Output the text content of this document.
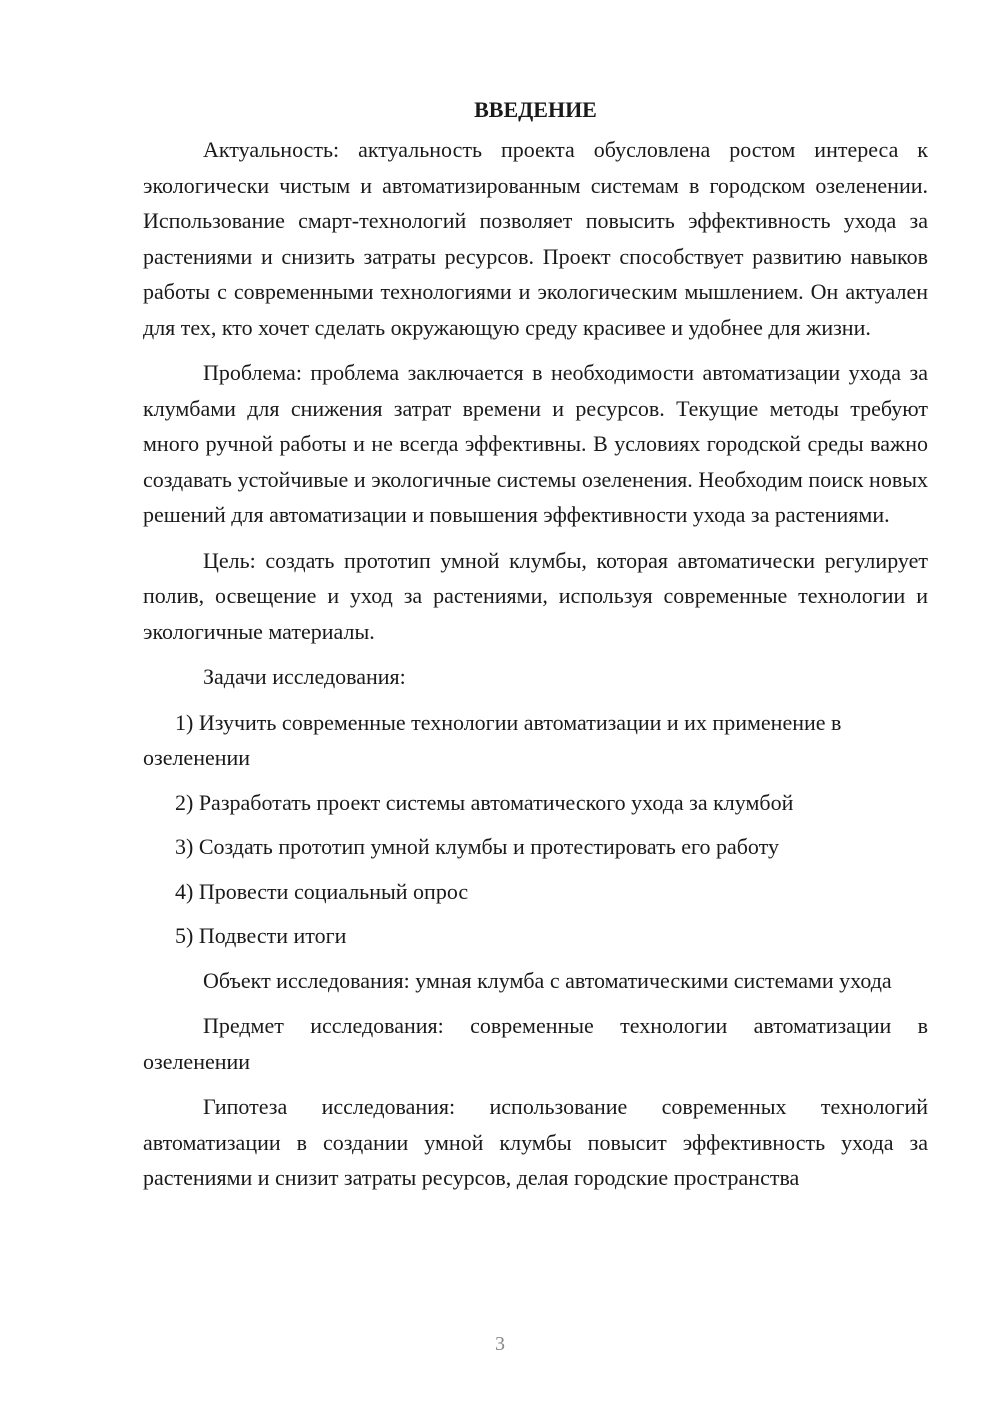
ВВЕДЕНИЕ

Актуальность: актуальность проекта обусловлена ростом интереса к экологически чистым и автоматизированным системам в городском озеленении. Использование смарт-технологий позволяет повысить эффективность ухода за растениями и снизить затраты ресурсов. Проект способствует развитию навыков работы с современными технологиями и экологическим мышлением. Он актуален для тех, кто хочет сделать окружающую среду красивее и удобнее для жизни.

Проблема: проблема заключается в необходимости автоматизации ухода за клумбами для снижения затрат времени и ресурсов. Текущие методы требуют много ручной работы и не всегда эффективны. В условиях городской среды важно создавать устойчивые и экологичные системы озеленения. Необходим поиск новых решений для автоматизации и повышения эффективности ухода за растениями.

Цель: создать прототип умной клумбы, которая автоматически регулирует полив, освещение и уход за растениями, используя современные технологии и экологичные материалы.

Задачи исследования:

1) Изучить современные технологии автоматизации и их применение в озеленении

2) Разработать проект системы автоматического ухода за клумбой

3) Создать прототип умной клумбы и протестировать его работу

4) Провести социальный опрос

5) Подвести итоги

Объект исследования: умная клумба с автоматическими системами ухода

Предмет исследования: современные технологии автоматизации в озеленении

Гипотеза исследования: использование современных технологий автоматизации в создании умной клумбы повысит эффективность ухода за растениями и снизит затраты ресурсов, делая городские пространства

3
